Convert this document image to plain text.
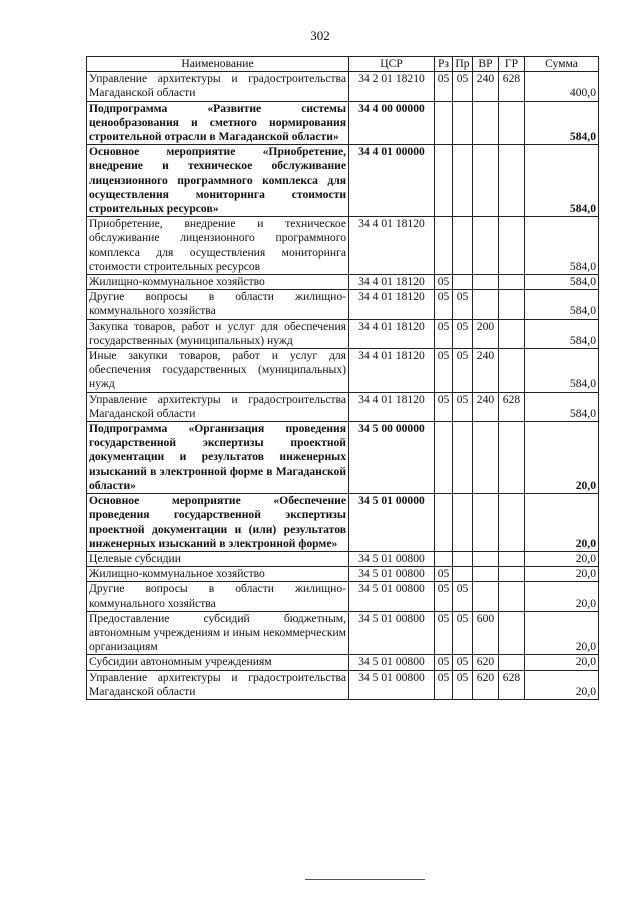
302
Наименование	ЦСР	Рз	Пр	ВР	ГР	Сумма
Управление архитектуры и градостроительства Магаданской области	34 2 01 18210	05	05	240	628	400,0
Подпрограмма «Развитие системы ценообразования и сметного нормирования строительной отрасли в Магаданской области»	34 4 00 00000					584,0
Основное мероприятие «Приобретение, внедрение и техническое обслуживание лицензионного программного комплекса для осуществления мониторинга стоимости строительных ресурсов»	34 4 01 00000					584,0
Приобретение, внедрение и техническое обслуживание лицензионного программного комплекса для осуществления мониторинга стоимости строительных ресурсов	34 4 01 18120					584,0
Жилищно-коммунальное хозяйство	34 4 01 18120	05				584,0
Другие вопросы в области жилищно-коммунального хозяйства	34 4 01 18120	05	05			584,0
Закупка товаров, работ и услуг для обеспечения государственных (муниципальных) нужд	34 4 01 18120	05	05	200		584,0
Иные закупки товаров, работ и услуг для обеспечения государственных (муниципальных) нужд	34 4 01 18120	05	05	240		584,0
Управление архитектуры и градостроительства Магаданской области	34 4 01 18120	05	05	240	628	584,0
Подпрограмма «Организация проведения государственной экспертизы проектной документации и результатов инженерных изысканий в электронной форме в Магаданской области»	34 5 00 00000					20,0
Основное мероприятие «Обеспечение проведения государственной экспертизы проектной документации и (или) результатов инженерных изысканий в электронной форме»	34 5 01 00000					20,0
Целевые субсидии	34 5 01 00800					20,0
Жилищно-коммунальное хозяйство	34 5 01 00800	05				20,0
Другие вопросы в области жилищно-коммунального хозяйства	34 5 01 00800	05	05			20,0
Предоставление субсидий бюджетным, автономным учреждениям и иным некоммерческим организациям	34 5 01 00800	05	05	600		20,0
Субсидии автономным учреждениям	34 5 01 00800	05	05	620		20,0
Управление архитектуры и градостроительства Магаданской области	34 5 01 00800	05	05	620	628	20,0
